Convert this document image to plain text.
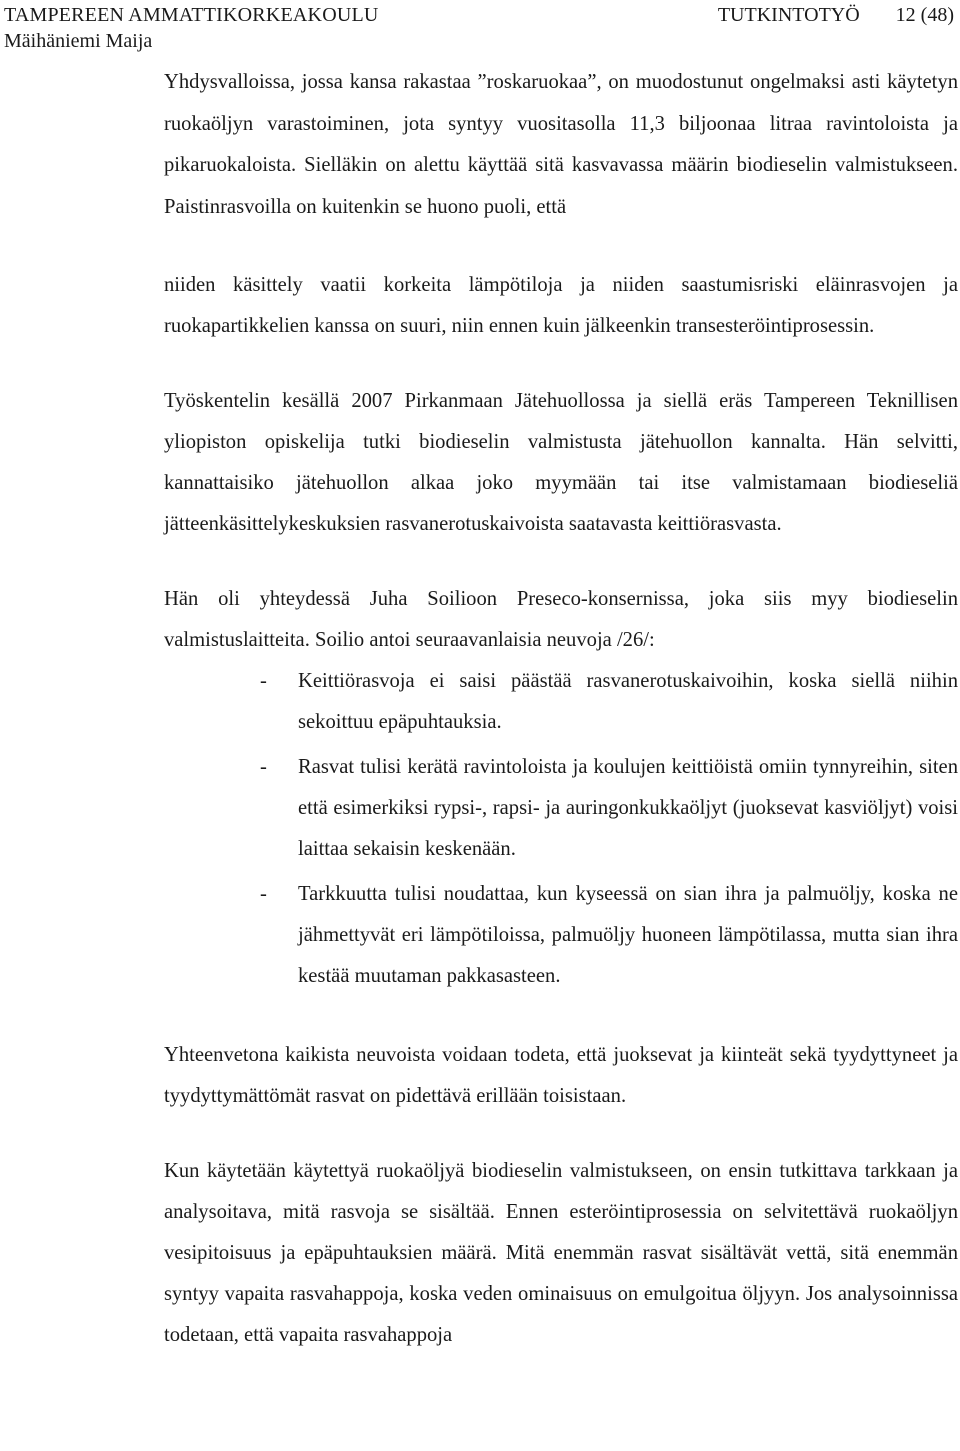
TAMPEREEN AMMATTIKORKEAKOULU	TUTKINTOTYÖ 12 (48)
Mäihäniemi Maija

Yhdysvalloissa, jossa kansa rakastaa ”roskaruokaa”, on muodostunut ongelmaksi asti käytetyn ruokaöljyn varastoiminen, jota syntyy vuositasolla 11,3 biljoonaa litraa ravintoloista ja pikaruokaloista. Sielläkin on alettu käyttää sitä kasvavassa määrin biodieselin valmistukseen. Paistinrasvoilla on kuitenkin se huono puoli, että

niiden käsittely vaatii korkeita lämpötiloja ja niiden saastumisriski eläinrasvojen ja ruokapartikkelien kanssa on suuri, niin ennen kuin jälkeenkin transesteröintiprosessin.

Työskentelin kesällä 2007 Pirkanmaan Jätehuollossa ja siellä eräs Tampereen Teknillisen yliopiston opiskelija tutki biodieselin valmistusta jätehuollon kannalta. Hän selvitti, kannattaisiko jätehuollon alkaa joko myymään tai itse valmistamaan biodieseliä jätteenkäsittelykeskuksien rasvanerotuskaivoista saatavasta keittiörasvasta.

Hän oli yhteydessä Juha Soilioon Preseco-konsernissa, joka siis myy biodieselin valmistuslaitteita. Soilio antoi seuraavanlaisia neuvoja /26/:

- Keittiörasvoja ei saisi päästää rasvanerotuskaivoihin, koska siellä niihin sekoittuu epäpuhtauksia.
- Rasvat tulisi kerätä ravintoloista ja koulujen keittiöistä omiin tynnyreihin, siten että esimerkiksi rypsi-, rapsi- ja auringonkukkaöljyt (juoksevat kasviöljyt) voisi laittaa sekaisin keskenään.
- Tarkkuutta tulisi noudattaa, kun kyseessä on sian ihra ja palmuöljy, koska ne jähmettyvät eri lämpötiloissa, palmuöljy huoneen lämpötilassa, mutta sian ihra kestää muutaman pakkasasteen.

Yhteenvetona kaikista neuvoista voidaan todeta, että juoksevat ja kiinteät sekä tyydyttyneet ja tyydyttymättömät rasvat on pidettävä erillään toisistaan.

Kun käytetään käytettyä ruokaöljyä biodieselin valmistukseen, on ensin tutkittava tarkkaan ja analysoitava, mitä rasvoja se sisältää. Ennen esteröintiprosessia on selvitettävä ruokaöljyn vesipitoisuus ja epäpuhtauksien määrä. Mitä enemmän rasvat sisältävät vettä, sitä enemmän syntyy vapaita rasvahappoja, koska veden ominaisuus on emulgoitua öljyyn. Jos analysoinnissa todetaan, että vapaita rasvahappoja
